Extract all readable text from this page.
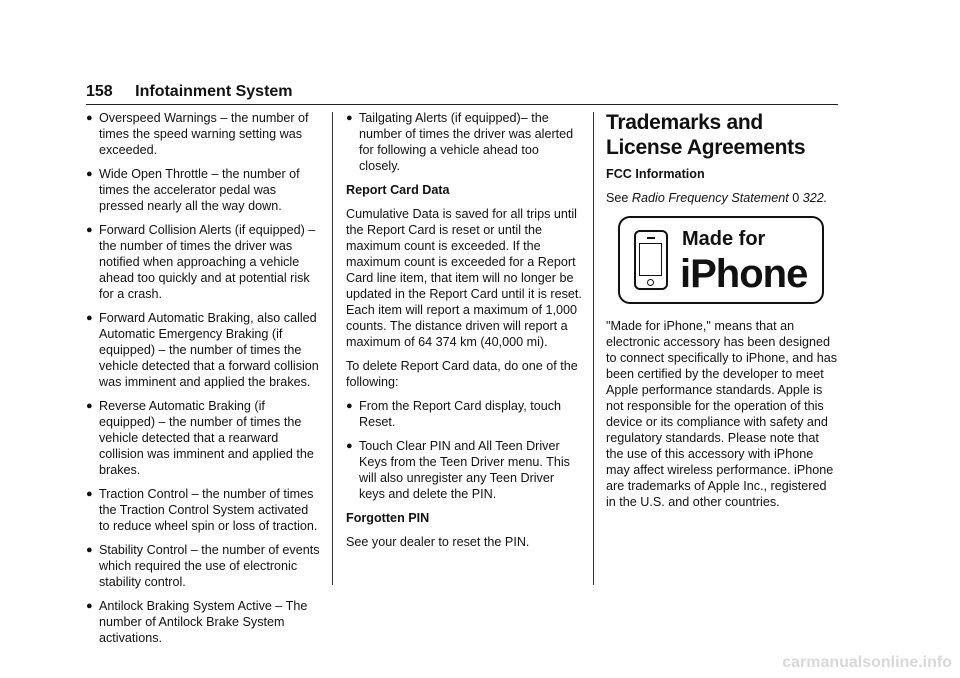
158 Infotainment System
● Overspeed Warnings – the number of times the speed warning setting was exceeded.
● Wide Open Throttle – the number of times the accelerator pedal was pressed nearly all the way down.
● Forward Collision Alerts (if equipped) – the number of times the driver was notified when approaching a vehicle ahead too quickly and at potential risk for a crash.
● Forward Automatic Braking, also called Automatic Emergency Braking (if equipped) – the number of times the vehicle detected that a forward collision was imminent and applied the brakes.
● Reverse Automatic Braking (if equipped) – the number of times the vehicle detected that a rearward collision was imminent and applied the brakes.
● Traction Control – the number of times the Traction Control System activated to reduce wheel spin or loss of traction.
● Stability Control – the number of events which required the use of electronic stability control.
● Antilock Braking System Active – The number of Antilock Brake System activations.
● Tailgating Alerts (if equipped)– the number of times the driver was alerted for following a vehicle ahead too closely.

Report Card Data

Cumulative Data is saved for all trips until the Report Card is reset or until the maximum count is exceeded. If the maximum count is exceeded for a Report Card line item, that item will no longer be updated in the Report Card until it is reset. Each item will report a maximum of 1,000 counts. The distance driven will report a maximum of 64 374 km (40,000 mi).

To delete Report Card data, do one of the following:

● From the Report Card display, touch Reset.
● Touch Clear PIN and All Teen Driver Keys from the Teen Driver menu. This will also unregister any Teen Driver keys and delete the PIN.

Forgotten PIN

See your dealer to reset the PIN.

Trademarks and License Agreements

FCC Information

See Radio Frequency Statement 0 322.

Made for
iPhone

"Made for iPhone," means that an electronic accessory has been designed to connect specifically to iPhone, and has been certified by the developer to meet Apple performance standards. Apple is not responsible for the operation of this device or its compliance with safety and regulatory standards. Please note that the use of this accessory with iPhone may affect wireless performance. iPhone are trademarks of Apple Inc., registered in the U.S. and other countries.

carmanualsonline.info
